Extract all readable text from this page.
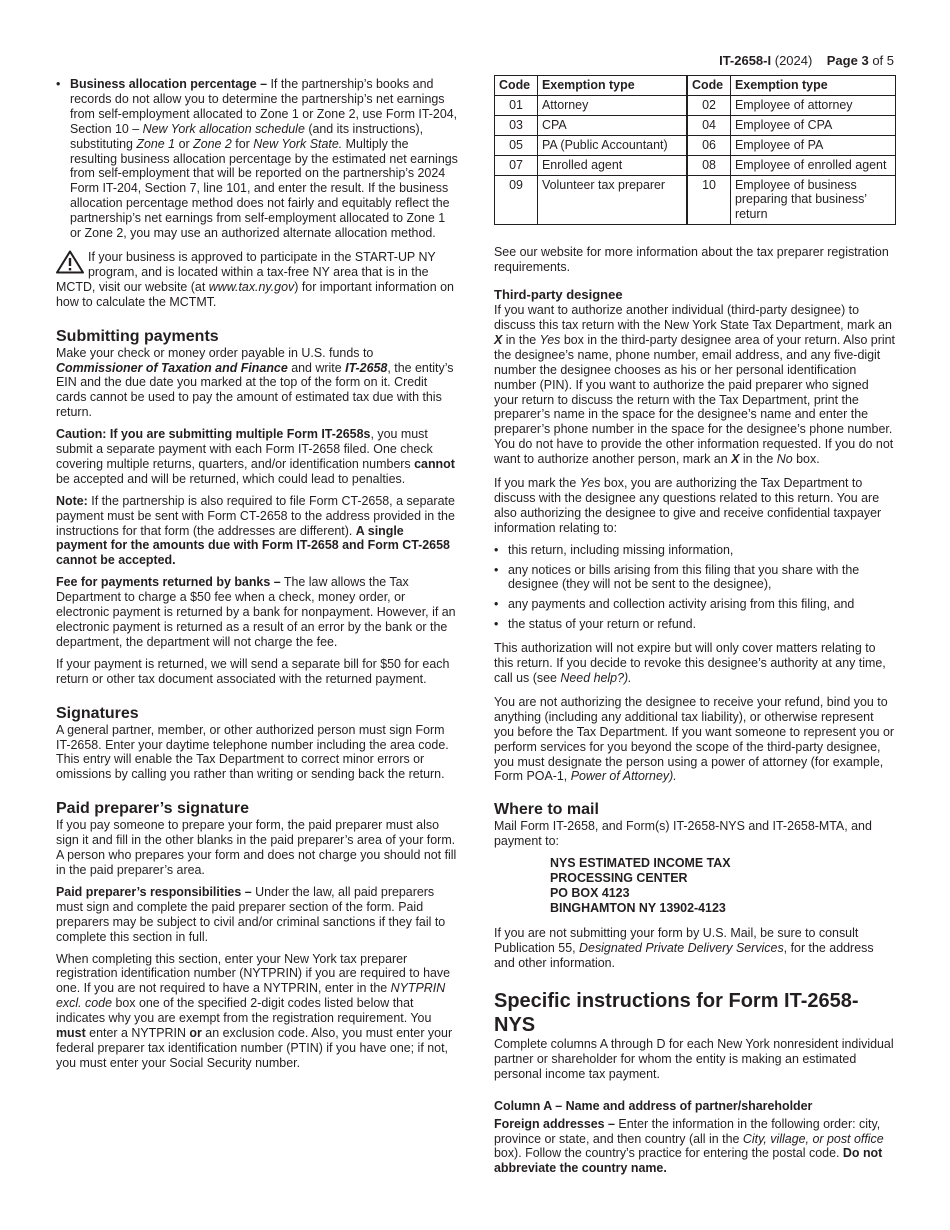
IT-2658-I (2024) Page 3 of 5
• Business allocation percentage – If the partnership’s books and records do not allow you to determine the partnership’s net earnings from self-employment allocated to Zone 1 or Zone 2, use Form IT-204, Section 10 – New York allocation schedule (and its instructions), substituting Zone 1 or Zone 2 for New York State. Multiply the resulting business allocation percentage by the estimated net earnings from self-employment that will be reported on the partnership’s 2024 Form IT-204, Section 7, line 101, and enter the result. If the business allocation percentage method does not fairly and equitably reflect the partnership’s net earnings from self-employment allocated to Zone 1 or Zone 2, you may use an authorized alternate allocation method.

If your business is approved to participate in the START-UP NY program, and is located within a tax-free NY area that is in the MCTD, visit our website (at www.tax.ny.gov) for important information on how to calculate the MCTMT.

Submitting payments

Make your check or money order payable in U.S. funds to Commissioner of Taxation and Finance and write IT-2658, the entity’s EIN and the due date you marked at the top of the form on it. Credit cards cannot be used to pay the amount of estimated tax due with this return.

Caution: If you are submitting multiple Form IT-2658s, you must submit a separate payment with each Form IT-2658 filed. One check covering multiple returns, quarters, and/or identification numbers cannot be accepted and will be returned, which could lead to penalties.

Note: If the partnership is also required to file Form CT-2658, a separate payment must be sent with Form CT-2658 to the address provided in the instructions for that form (the addresses are different). A single payment for the amounts due with Form IT-2658 and Form CT-2658 cannot be accepted.

Fee for payments returned by banks – The law allows the Tax Department to charge a $50 fee when a check, money order, or electronic payment is returned by a bank for nonpayment. However, if an electronic payment is returned as a result of an error by the bank or the department, the department will not charge the fee.

If your payment is returned, we will send a separate bill for $50 for each return or other tax document associated with the returned payment.

Signatures

A general partner, member, or other authorized person must sign Form IT-2658. Enter your daytime telephone number including the area code. This entry will enable the Tax Department to correct minor errors or omissions by calling you rather than writing or sending back the return.

Paid preparer’s signature

If you pay someone to prepare your form, the paid preparer must also sign it and fill in the other blanks in the paid preparer’s area of your form. A person who prepares your form and does not charge you should not fill in the paid preparer’s area.

Paid preparer’s responsibilities – Under the law, all paid preparers must sign and complete the paid preparer section of the form. Paid preparers may be subject to civil and/or criminal sanctions if they fail to complete this section in full.

When completing this section, enter your New York tax preparer registration identification number (NYTPRIN) if you are required to have one. If you are not required to have a NYTPRIN, enter in the NYTPRIN excl. code box one of the specified 2-digit codes listed below that indicates why you are exempt from the registration requirement. You must enter a NYTPRIN or an exclusion code. Also, you must enter your federal preparer tax identification number (PTIN) if you have one; if not, you must enter your Social Security number.

Code	Exemption type	Code	Exemption type
01	Attorney	02	Employee of attorney
03	CPA	04	Employee of CPA
05	PA (Public Accountant)	06	Employee of PA
07	Enrolled agent	08	Employee of enrolled agent
09	Volunteer tax preparer	10	Employee of business preparing that business’ return

See our website for more information about the tax preparer registration requirements.

Third-party designee

If you want to authorize another individual (third-party designee) to discuss this tax return with the New York State Tax Department, mark an X in the Yes box in the third-party designee area of your return. Also print the designee’s name, phone number, email address, and any five-digit number the designee chooses as his or her personal identification number (PIN). If you want to authorize the paid preparer who signed your return to discuss the return with the Tax Department, print the preparer’s name in the space for the designee’s name and enter the preparer’s phone number in the space for the designee’s phone number. You do not have to provide the other information requested. If you do not want to authorize another person, mark an X in the No box.

If you mark the Yes box, you are authorizing the Tax Department to discuss with the designee any questions related to this return. You are also authorizing the designee to give and receive confidential taxpayer information relating to:

• this return, including missing information,
• any notices or bills arising from this filing that you share with the designee (they will not be sent to the designee),
• any payments and collection activity arising from this filing, and
• the status of your return or refund.

This authorization will not expire but will only cover matters relating to this return. If you decide to revoke this designee’s authority at any time, call us (see Need help?).

You are not authorizing the designee to receive your refund, bind you to anything (including any additional tax liability), or otherwise represent you before the Tax Department. If you want someone to represent you or perform services for you beyond the scope of the third-party designee, you must designate the person using a power of attorney (for example, Form POA-1, Power of Attorney).

Where to mail

Mail Form IT-2658, and Form(s) IT-2658-NYS and IT-2658-MTA, and payment to:

NYS ESTIMATED INCOME TAX
PROCESSING CENTER
PO BOX 4123
BINGHAMTON NY 13902-4123

If you are not submitting your form by U.S. Mail, be sure to consult Publication 55, Designated Private Delivery Services, for the address and other information.

Specific instructions for Form IT-2658-NYS

Complete columns A through D for each New York nonresident individual partner or shareholder for whom the entity is making an estimated personal income tax payment.

Column A – Name and address of partner/shareholder

Foreign addresses – Enter the information in the following order: city, province or state, and then country (all in the City, village, or post office box). Follow the country’s practice for entering the postal code. Do not abbreviate the country name.
